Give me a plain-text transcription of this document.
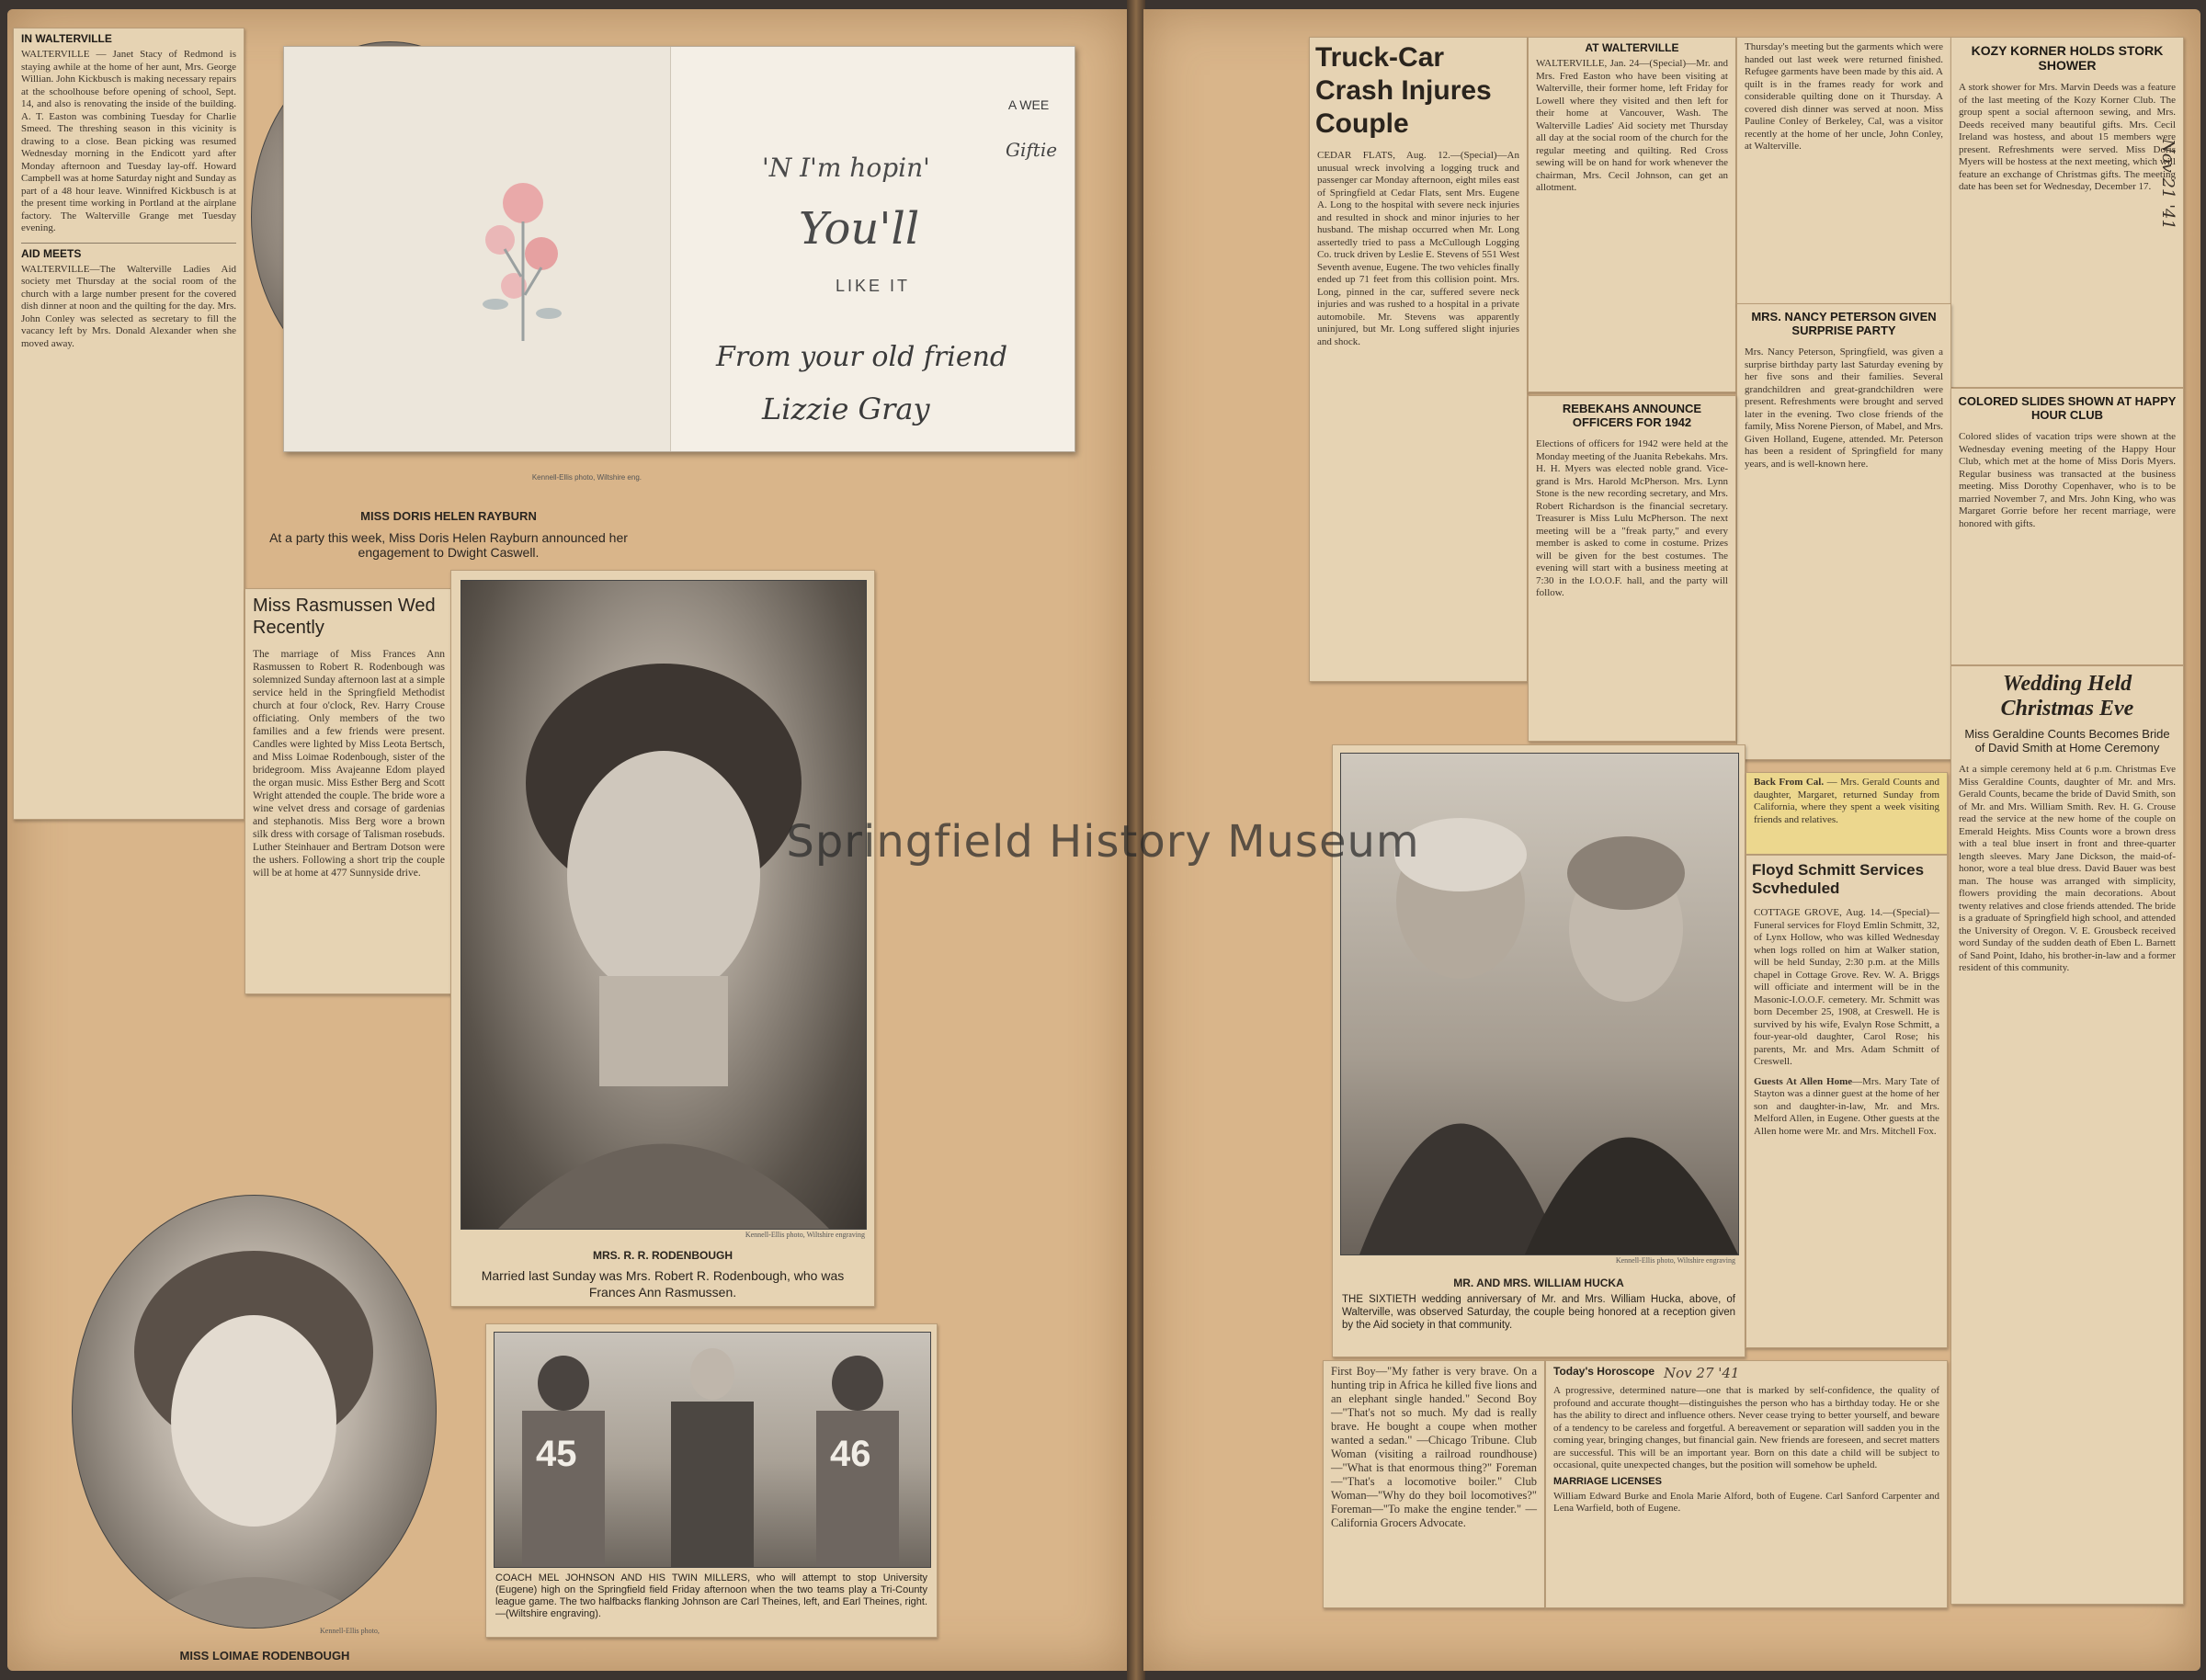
IN WALTERVILLE
WALTERVILLE — Janet Stacy of Redmond is staying awhile at the home of her aunt, Mrs. George Willian. John Kickbusch is making necessary repairs at the schoolhouse before opening of school, Sept. 14, and also is renovating the inside of the building. A. T. Easton was combining Tuesday for Charlie Smeed. The threshing season in this vicinity is drawing to a close. Bean picking was resumed Wednesday morning in the Endicott yard after Monday afternoon and Tuesday lay-off. Howard Campbell was at home Saturday night and Sunday as part of a 48 hour leave. Winnifred Kickbusch is at the present time working in Portland at the airplane factory. The Walterville Grange met Tuesday evening.
AID MEETS
WALTERVILLE—The Walterville Ladies Aid society met Thursday at the social room of the church with a large number present for the covered dish dinner at noon and the quilting for the day. Mrs. John Conley was selected as secretary to fill the vacancy left by Mrs. Donald Alexander when she moved away.
A WEE
Giftie
'N I'm hopin'
You'll
LIKE IT
From your old friend
Lizzie Gray
Kennell-Ellis photo, Wiltshire eng.
MISS DORIS HELEN RAYBURN
At a party this week, Miss Doris Helen Rayburn announced her engagement to Dwight Caswell.
Miss Rasmussen Wed Recently
The marriage of Miss Frances Ann Rasmussen to Robert R. Rodenbough was solemnized Sunday afternoon last at a simple service held in the Springfield Methodist church at four o'clock, Rev. Harry Crouse officiating. Only members of the two families and a few friends were present. Candles were lighted by Miss Leota Bertsch, and Miss Loimae Rodenbough, sister of the bridegroom. Miss Avajeanne Edom played the organ music. Miss Esther Berg and Scott Wright attended the couple. The bride wore a wine velvet dress and corsage of gardenias and stephanotis. Miss Berg wore a brown silk dress with corsage of Talisman rosebuds. Luther Steinhauer and Bertram Dotson were the ushers. Following a short trip the couple will be at home at 477 Sunnyside drive.
Kennell-Ellis photo, Wiltshire engraving
MRS. R. R. RODENBOUGH
Married last Sunday was Mrs. Robert R. Rodenbough, who was Frances Ann Rasmussen.
Kennell-Ellis photo,
MISS LOIMAE RODENBOUGH
45	46
COACH MEL JOHNSON AND HIS TWIN MILLERS, who will attempt to stop University (Eugene) high on the Springfield field Friday afternoon when the two teams play a Tri-County league game. The two halfbacks flanking Johnson are Carl Theines, left, and Earl Theines, right.—(Wiltshire engraving).
Truck-Car Crash Injures Couple
CEDAR FLATS, Aug. 12.—(Special)—An unusual wreck involving a logging truck and passenger car Monday afternoon, eight miles east of Springfield at Cedar Flats, sent Mrs. Eugene A. Long to the hospital with severe neck injuries and resulted in shock and minor injuries to her husband. The mishap occurred when Mr. Long assertedly tried to pass a McCullough Logging Co. truck driven by Leslie E. Stevens of 551 West Seventh avenue, Eugene. The two vehicles finally ended up 71 feet from this collision point. Mrs. Long, pinned in the car, suffered severe neck injuries and was rushed to a hospital in a private automobile. Mr. Stevens was apparently uninjured, but Mr. Long suffered slight injuries and shock.
AT WALTERVILLE
WALTERVILLE, Jan. 24—(Special)—Mr. and Mrs. Fred Easton who have been visiting at Walterville, their former home, left Friday for Lowell where they visited and then left for their home at Vancouver, Wash. The Walterville Ladies' Aid society met Thursday all day at the social room of the church for the regular meeting and quilting. Red Cross sewing will be on hand for work whenever the chairman, Mrs. Cecil Johnson, can get an allotment.
Thursday's meeting but the garments which were handed out last week were returned finished. Refugee garments have been made by this aid. A quilt is in the frames ready for work and considerable quilting done on it Thursday. A covered dish dinner was served at noon. Miss Pauline Conley of Berkeley, Cal, was a visitor recently at the home of her uncle, John Conley, at Walterville.
KOZY KORNER HOLDS STORK SHOWER
A stork shower for Mrs. Marvin Deeds was a feature of the last meeting of the Kozy Korner Club. The group spent a social afternoon sewing, and Mrs. Deeds received many beautiful gifts. Mrs. Cecil Ireland was hostess, and about 15 members were present. Refreshments were served. Miss Doris Myers will be hostess at the next meeting, which will feature an exchange of Christmas gifts. The meeting date has been set for Wednesday, December 17. Nov 21 '41
MRS. NANCY PETERSON GIVEN SURPRISE PARTY
Mrs. Nancy Peterson, Springfield, was given a surprise birthday party last Saturday evening by her five sons and their families. Several grandchildren and great-grandchildren were present. Refreshments were brought and served later in the evening. Two close friends of the family, Miss Norene Pierson, of Mabel, and Mrs. Given Holland, Eugene, attended. Mr. Peterson has been a resident of Springfield for many years, and is well-known here.
REBEKAHS ANNOUNCE OFFICERS FOR 1942
Elections of officers for 1942 were held at the Monday meeting of the Juanita Rebekahs. Mrs. H. H. Myers was elected noble grand. Vice-grand is Mrs. Harold McPherson. Mrs. Lynn Stone is the new recording secretary, and Mrs. Robert Richardson is the financial secretary. Treasurer is Miss Lulu McPherson. The next meeting will be a "freak party," and every member is asked to come in costume. Prizes will be given for the best costumes. The evening will start with a business meeting at 7:30 in the I.O.O.F. hall, and the party will follow.
COLORED SLIDES SHOWN AT HAPPY HOUR CLUB
Colored slides of vacation trips were shown at the Wednesday evening meeting of the Happy Hour Club, which met at the home of Miss Doris Myers. Regular business was transacted at the business meeting. Miss Dorothy Copenhaver, who is to be married November 7, and Mrs. John King, who was Margaret Gorrie before her recent marriage, were honored with gifts.
Wedding Held Christmas Eve
Miss Geraldine Counts Becomes Bride of David Smith at Home Ceremony
At a simple ceremony held at 6 p.m. Christmas Eve Miss Geraldine Counts, daughter of Mr. and Mrs. Gerald Counts, became the bride of David Smith, son of Mr. and Mrs. William Smith. Rev. H. G. Crouse read the service at the new home of the couple on Emerald Heights. Miss Counts wore a brown dress with a teal blue insert in front and three-quarter length sleeves. Mary Jane Dickson, the maid-of-honor, wore a teal blue dress. David Bauer was best man. The house was arranged with simplicity, flowers providing the main decorations. About twenty relatives and close friends attended. The bride is a graduate of Springfield high school, and attended the University of Oregon. V. E. Grousbeck received word Sunday of the sudden death of Eben L. Barnett of Sand Point, Idaho, his brother-in-law and a former resident of this community.
Kennell-Ellis photo, Wiltshire engraving
MR. AND MRS. WILLIAM HUCKA
THE SIXTIETH wedding anniversary of Mr. and Mrs. William Hucka, above, of Walterville, was observed Saturday, the couple being honored at a reception given by the Aid society in that community.
Back From Cal. — Mrs. Gerald Counts and daughter, Margaret, returned Sunday from California, where they spent a week visiting friends and relatives.
Floyd Schmitt Services Scvheduled
COTTAGE GROVE, Aug. 14.—(Special)—Funeral services for Floyd Emlin Schmitt, 32, of Lynx Hollow, who was killed Wednesday when logs rolled on him at Walker station, will be held Sunday, 2:30 p.m. at the Mills chapel in Cottage Grove. Rev. W. A. Briggs will officiate and interment will be in the Masonic-I.O.O.F. cemetery. Mr. Schmitt was born December 25, 1908, at Creswell. He is survived by his wife, Evalyn Rose Schmitt, a four-year-old daughter, Carol Rose; his parents, Mr. and Mrs. Adam Schmitt of Creswell.
Guests At Allen Home—Mrs. Mary Tate of Stayton was a dinner guest at the home of her son and daughter-in-law, Mr. and Mrs. Melford Allen, in Eugene. Other guests at the Allen home were Mr. and Mrs. Mitchell Fox.
First Boy—"My father is very brave. On a hunting trip in Africa he killed five lions and an elephant single handed." Second Boy—"That's not so much. My dad is really brave. He bought a coupe when mother wanted a sedan." —Chicago Tribune. Club Woman (visiting a railroad roundhouse)—"What is that enormous thing?" Foreman—"That's a locomotive boiler." Club Woman—"Why do they boil locomotives?" Foreman—"To make the engine tender." —California Grocers Advocate.
Today's Horoscope Nov 27 '41
A progressive, determined nature—one that is marked by self-confidence, the quality of profound and accurate thought—distinguishes the person who has a birthday today. He or she has the ability to direct and influence others. Never cease trying to better yourself, and beware of a tendency to be careless and forgetful. A bereavement or separation will sadden you in the coming year, bringing changes, but financial gain. New friends are foreseen, and secret matters are successful. This will be an important year. Born on this date a child will be subject to occasional, quite unexpected changes, but the position will somehow be upheld.
MARRIAGE LICENSES
William Edward Burke and Enola Marie Alford, both of Eugene. Carl Sanford Carpenter and Lena Warfield, both of Eugene.
Springfield History Museum
